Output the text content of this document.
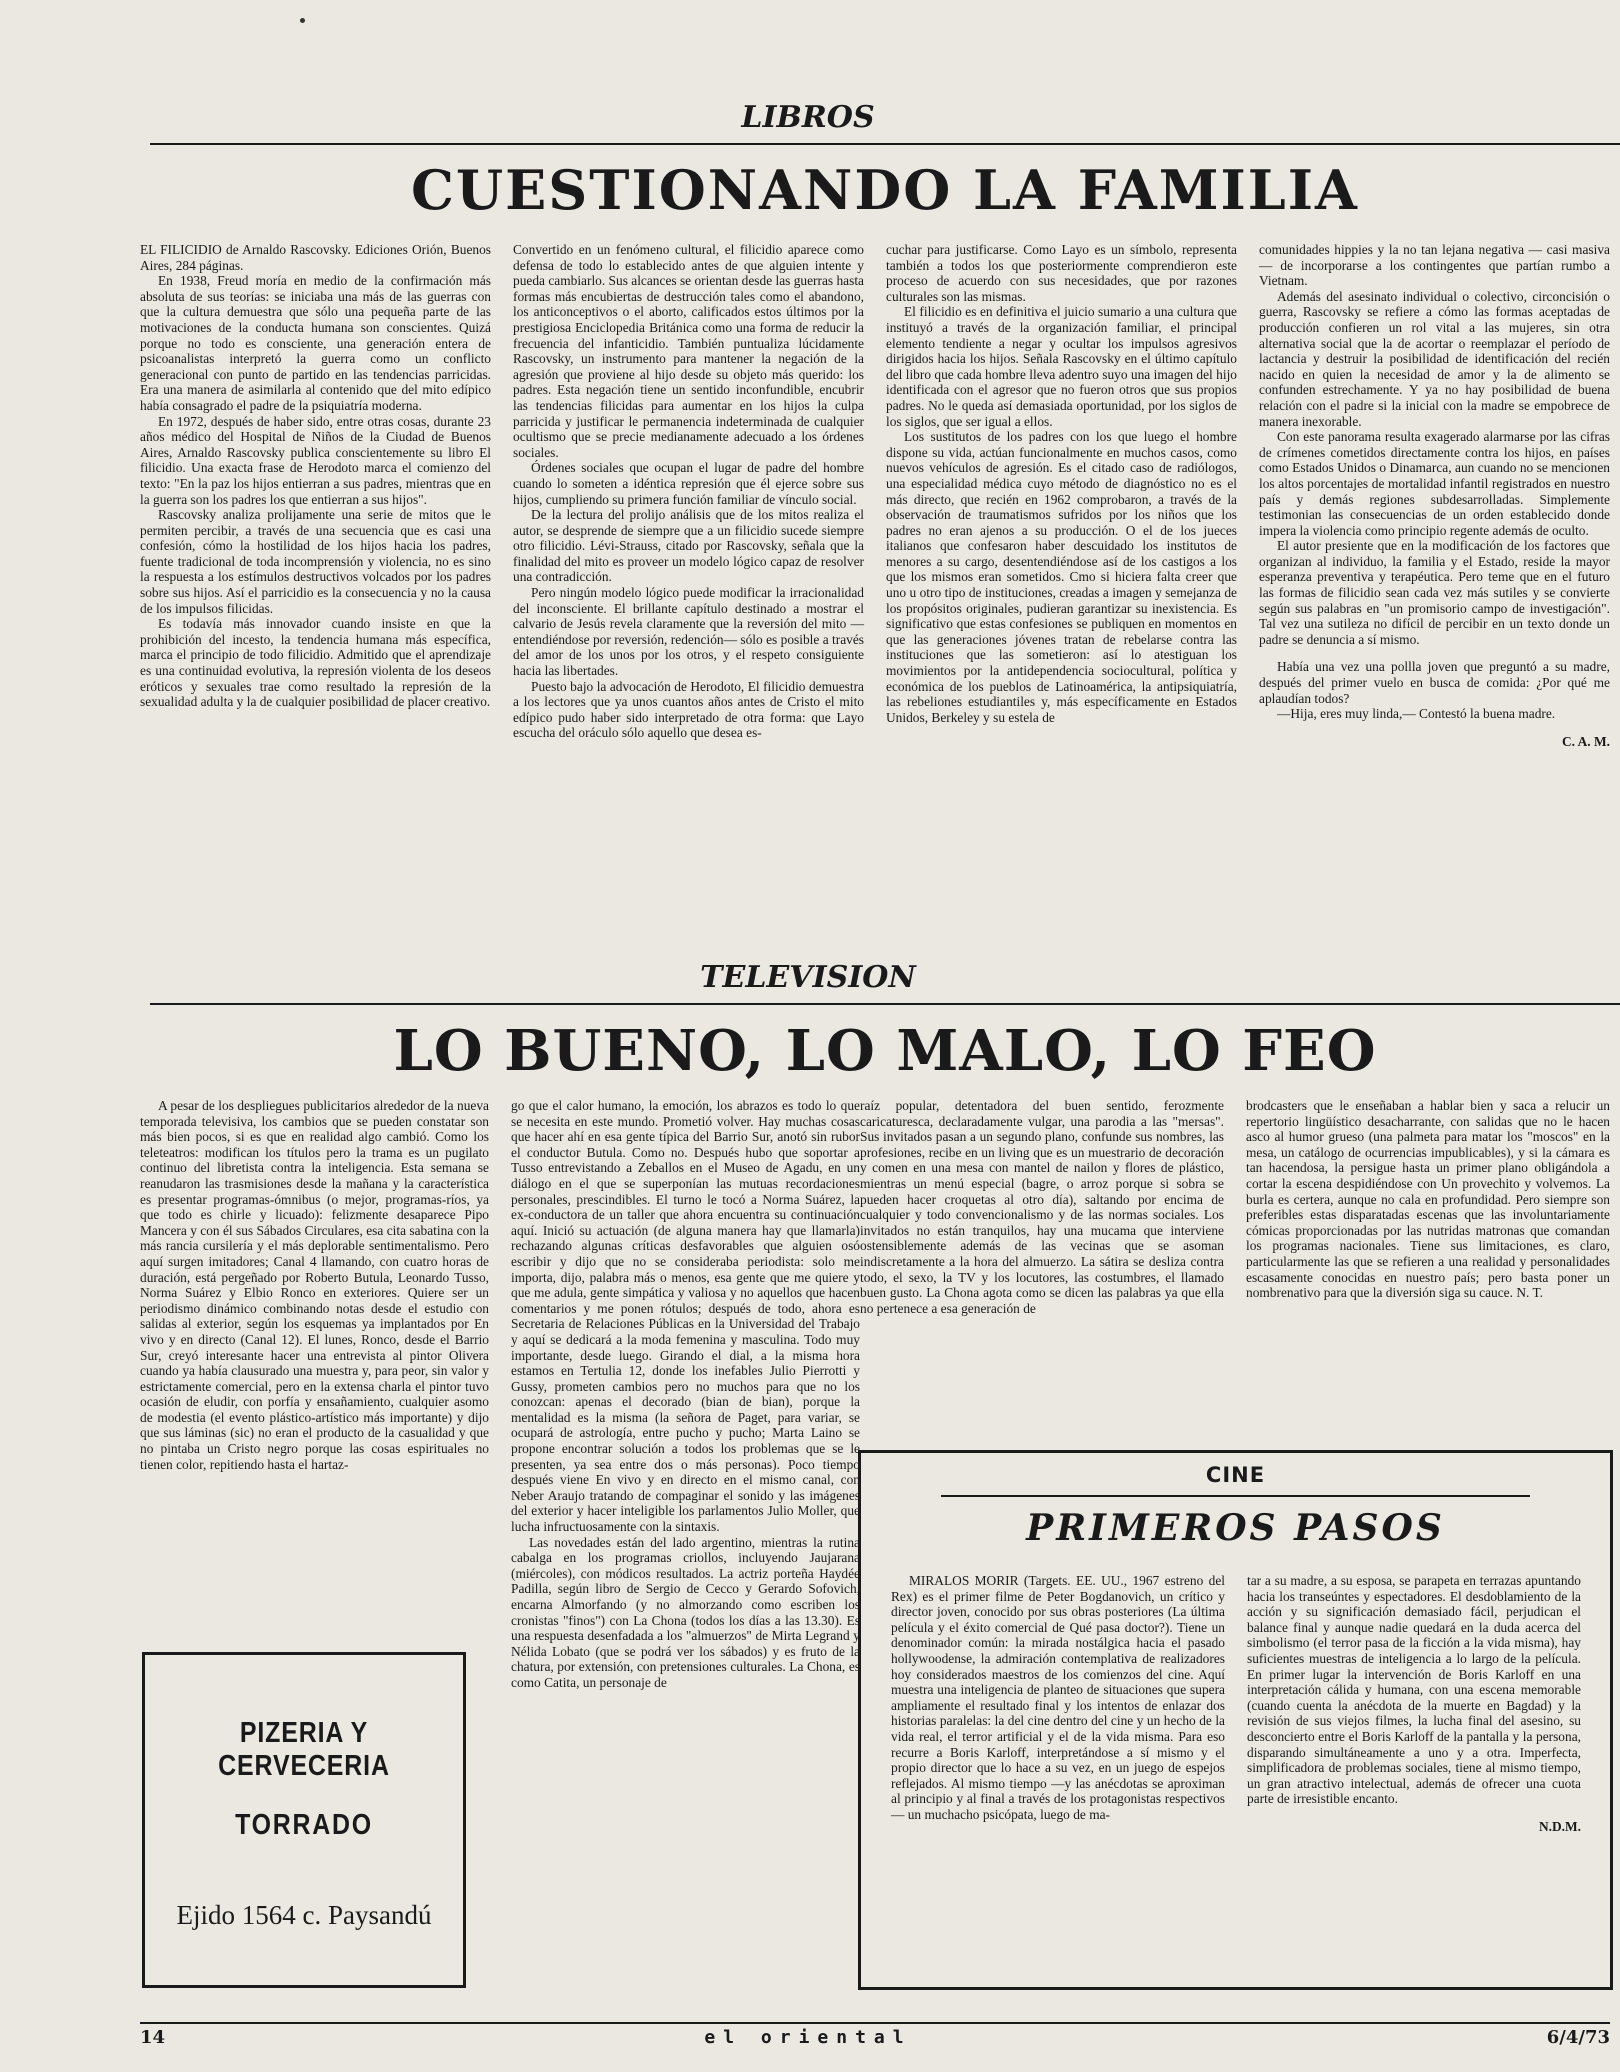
LIBROS
CUESTIONANDO LA FAMILIA

EL FILICIDIO de Arnaldo Rascovsky. Ediciones Orión, Buenos Aires, 284 páginas.

En 1938, Freud moría en medio de la confirmación más absoluta de sus teorías: se iniciaba una más de las guerras con que la cultura demuestra que sólo una pequeña parte de las motivaciones de la conducta humana son conscientes. Quizá porque no todo es consciente, una generación entera de psicoanalistas interpretó la guerra como un conflicto generacional con punto de partido en las tendencias parricidas. Era una manera de asimilarla al contenido que del mito edípico había consagrado el padre de la psiquiatría moderna.

En 1972, después de haber sido, entre otras cosas, durante 23 años médico del Hospital de Niños de la Ciudad de Buenos Aires, Arnaldo Rascovsky publica conscientemente su libro El filicidio. Una exacta frase de Herodoto marca el comienzo del texto: "En la paz los hijos entierran a sus padres, mientras que en la guerra son los padres los que entierran a sus hijos".

Rascovsky analiza prolijamente una serie de mitos que le permiten percibir, a través de una secuencia que es casi una confesión, cómo la hostilidad de los hijos hacia los padres, fuente tradicional de toda incomprensión y violencia, no es sino la respuesta a los estímulos destructivos volcados por los padres sobre sus hijos. Así el parricidio es la consecuencia y no la causa de los impulsos filicidas.

Es todavía más innovador cuando insiste en que la prohibición del incesto, la tendencia humana más específica, marca el principio de todo filicidio. Admitido que el aprendizaje es una continuidad evolutiva, la represión violenta de los deseos eróticos y sexuales trae como resultado la represión de la sexualidad adulta y la de cualquier posibilidad de placer creativo.

Convertido en un fenómeno cultural, el filicidio aparece como defensa de todo lo establecido antes de que alguien intente y pueda cambiarlo. Sus alcances se orientan desde las guerras hasta formas más encubiertas de destrucción tales como el abandono, los anticonceptivos o el aborto, calificados estos últimos por la prestigiosa Enciclopedia Británica como una forma de reducir la frecuencia del infanticidio. También puntualiza lúcidamente Rascovsky, un instrumento para mantener la negación de la agresión que proviene al hijo desde su objeto más querido: los padres. Esta negación tiene un sentido inconfundible, encubrir las tendencias filicidas para aumentar en los hijos la culpa parricida y justificar le permanencia indeterminada de cualquier ocultismo que se precie medianamente adecuado a los órdenes sociales.

Órdenes sociales que ocupan el lugar de padre del hombre cuando lo someten a idéntica represión que él ejerce sobre sus hijos, cumpliendo su primera función familiar de vínculo social.

De la lectura del prolijo análisis que de los mitos realiza el autor, se desprende de siempre que a un filicidio sucede siempre otro filicidio. Lévi-Strauss, citado por Rascovsky, señala que la finalidad del mito es proveer un modelo lógico capaz de resolver una contradicción.

Pero ningún modelo lógico puede modificar la irracionalidad del inconsciente. El brillante capítulo destinado a mostrar el calvario de Jesús revela claramente que la reversión del mito —entendiéndose por reversión, redención— sólo es posible a través del amor de los unos por los otros, y el respeto consiguiente hacia las libertades.

Puesto bajo la advocación de Herodoto, El filicidio demuestra a los lectores que ya unos cuantos años antes de Cristo el mito edípico pudo haber sido interpretado de otra forma: que Layo escucha del oráculo sólo aquello que desea es-

cuchar para justificarse. Como Layo es un símbolo, representa también a todos los que posteriormente comprendieron este proceso de acuerdo con sus necesidades, que por razones culturales son las mismas.

El filicidio es en definitiva el juicio sumario a una cultura que instituyó a través de la organización familiar, el principal elemento tendiente a negar y ocultar los impulsos agresivos dirigidos hacia los hijos. Señala Rascovsky en el último capítulo del libro que cada hombre lleva adentro suyo una imagen del hijo identificada con el agresor que no fueron otros que sus propios padres. No le queda así demasiada oportunidad, por los siglos de los siglos, que ser igual a ellos.

Los sustitutos de los padres con los que luego el hombre dispone su vida, actúan funcionalmente en muchos casos, como nuevos vehículos de agresión. Es el citado caso de radiólogos, una especialidad médica cuyo método de diagnóstico no es el más directo, que recién en 1962 comprobaron, a través de la observación de traumatismos sufridos por los niños que los padres no eran ajenos a su producción. O el de los jueces italianos que confesaron haber descuidado los institutos de menores a su cargo, desentendiéndose así de los castigos a los que los mismos eran sometidos. Cmo si hiciera falta creer que uno u otro tipo de instituciones, creadas a imagen y semejanza de los propósitos originales, pudieran garantizar su inexistencia. Es significativo que estas confesiones se publiquen en momentos en que las generaciones jóvenes tratan de rebelarse contra las instituciones que las sometieron: así lo atestiguan los movimientos por la antidependencia sociocultural, política y económica de los pueblos de Latinoamérica, la antipsiquiatría, las rebeliones estudiantiles y, más específicamente en Estados Unidos, Berkeley y su estela de

comunidades hippies y la no tan lejana negativa — casi masiva— de incorporarse a los contingentes que partían rumbo a Vietnam.

Además del asesinato individual o colectivo, circoncisión o guerra, Rascovsky se refiere a cómo las formas aceptadas de producción confieren un rol vital a las mujeres, sin otra alternativa social que la de acortar o reemplazar el período de lactancia y destruir la posibilidad de identificación del recién nacido en quien la necesidad de amor y la de alimento se confunden estrechamente. Y ya no hay posibilidad de buena relación con el padre si la inicial con la madre se empobrece de manera inexorable.

Con este panorama resulta exagerado alarmarse por las cifras de crímenes cometidos directamente contra los hijos, en países como Estados Unidos o Dinamarca, aun cuando no se mencionen los altos porcentajes de mortalidad infantil registrados en nuestro país y demás regiones subdesarrolladas. Simplemente testimonian las consecuencias de un orden establecido donde impera la violencia como principio regente además de oculto.

El autor presiente que en la modificación de los factores que organizan al individuo, la familia y el Estado, reside la mayor esperanza preventiva y terapéutica. Pero teme que en el futuro las formas de filicidio sean cada vez más sutiles y se convierte según sus palabras en "un promisorio campo de investigación". Tal vez una sutileza no difícil de percibir en un texto donde un padre se denuncia a sí mismo.

Había una vez una pollla joven que preguntó a su madre, después del primer vuelo en busca de comida: ¿Por qué me aplaudían todos?

—Hija, eres muy linda,— Contestó la buena madre.

C. A. M.

TELEVISION
LO BUENO, LO MALO, LO FEO

A pesar de los despliegues publicitarios alrededor de la nueva temporada televisiva, los cambios que se pueden constatar son más bien pocos, si es que en realidad algo cambió. Como los teleteatros: modifican los títulos pero la trama es un pugilato continuo del libretista contra la inteligencia. Esta semana se reanudaron las trasmisiones desde la mañana y la característica es presentar programas-ómnibus (o mejor, programas-ríos, ya que todo es chirle y licuado): felizmente desaparece Pipo Mancera y con él sus Sábados Circulares, esa cita sabatina con la más rancia cursilería y el más deplorable sentimentalismo. Pero aquí surgen imitadores; Canal 4 llamando, con cuatro horas de duración, está pergeñado por Roberto Butula, Leonardo Tusso, Norma Suárez y Elbio Ronco en exteriores. Quiere ser un periodismo dinámico combinando notas desde el estudio con salidas al exterior, según los esquemas ya implantados por En vivo y en directo (Canal 12). El lunes, Ronco, desde el Barrio Sur, creyó interesante hacer una entrevista al pintor Olivera cuando ya había clausurado una muestra y, para peor, sin valor y estrictamente comercial, pero en la extensa charla el pintor tuvo ocasión de eludir, con porfía y ensañamiento, cualquier asomo de modestia (el evento plástico-artístico más importante) y dijo que sus láminas (sic) no eran el producto de la casualidad y que no pintaba un Cristo negro porque las cosas espirituales no tienen color, repitiendo hasta el hartaz-

go que el calor humano, la emoción, los abrazos es todo lo que se necesita en este mundo. Prometió volver. Hay muchas cosas que hacer ahí en esa gente típica del Barrio Sur, anotó sin rubor el conductor Butula. Como no. Después hubo que soportar a Tusso entrevistando a Zeballos en el Museo de Agadu, en un diálogo en el que se superponían las mutuas recordaciones personales, prescindibles. El turno le tocó a Norma Suárez, la ex-conductora de un taller que ahora encuentra su continuación aquí. Inició su actuación (de alguna manera hay que llamarla) rechazando algunas críticas desfavorables que alguien osó escribir y dijo que no se consideraba periodista: solo me importa, dijo, palabra más o menos, esa gente que me quiere y que me adula, gente simpática y valiosa y no aquellos que hacen comentarios y me ponen rótulos; después de todo, ahora es Secretaria de Relaciones Públicas en la Universidad del Trabajo y aquí se dedicará a la moda femenina y masculina. Todo muy importante, desde luego. Girando el dial, a la misma hora estamos en Tertulia 12, donde los inefables Julio Pierrotti y Gussy, prometen cambios pero no muchos para que no los conozcan: apenas el decorado (bian de bian), porque la mentalidad es la misma (la señora de Paget, para variar, se ocupará de astrología, entre pucho y pucho; Marta Laino se propone encontrar solución a todos los problemas que se le presenten, ya sea entre dos o más personas). Poco tiempo después viene En vivo y en directo en el mismo canal, con Neber Araujo tratando de compaginar el sonido y las imágenes del exterior y hacer inteligible los parlamentos Julio Moller, que lucha infructuosamente con la sintaxis.

Las novedades están del lado argentino, mientras la rutina cabalga en los programas criollos, incluyendo Jaujarana (miércoles), con módicos resultados. La actriz porteña Haydée Padilla, según libro de Sergio de Cecco y Gerardo Sofovich, encarna Almorfando (y no almorzando como escriben los cronistas "finos") con La Chona (todos los días a las 13.30). Es una respuesta desenfadada a los "almuerzos" de Mirta Legrand y Nélida Lobato (que se podrá ver los sábados) y es fruto de la chatura, por extensión, con pretensiones culturales. La Chona, es como Catita, un personaje de

raíz popular, detentadora del buen sentido, ferozmente caricaturesca, declaradamente vulgar, una parodia a las "mersas". Sus invitados pasan a un segundo plano, confunde sus nombres, las profesiones, recibe en un living que es un muestrario de decoración y comen en una mesa con mantel de nailon y flores de plástico, mientras un menú especial (bagre, o arroz porque si sobra se pueden hacer croquetas al otro día), saltando por encima de cualquier y todo convencionalismo y de las normas sociales. Los invitados no están tranquilos, hay una mucama que interviene ostensiblemente además de las vecinas que se asoman indiscretamente a la hora del almuerzo. La sátira se desliza contra todo, el sexo, la TV y los locutores, las costumbres, el llamado buen gusto. La Chona agota como se dicen las palabras ya que ella no pertenece a esa generación de

brodcasters que le enseñaban a hablar bien y saca a relucir un repertorio lingüístico desacharrante, con salidas que no le hacen asco al humor grueso (una palmeta para matar los "moscos" en la mesa, un catálogo de ocurrencias impublicables), y si la cámara es tan hacendosa, la persigue hasta un primer plano obligándola a cortar la escena despidiéndose con Un provechito y volvemos. La burla es certera, aunque no cala en profundidad. Pero siempre son preferibles estas disparatadas escenas que las involuntariamente cómicas proporcionadas por las nutridas matronas que comandan los programas nacionales. Tiene sus limitaciones, es claro, particularmente las que se refieren a una realidad y personalidades escasamente conocidas en nuestro país; pero basta poner un nombrenativo para que la diversión siga su cauce. N. T.

PIZERIA Y CERVECERIA
TORRADO
Ejido 1564 c. Paysandú
CINE
PRIMEROS PASOS

MIRALOS MORIR (Targets. EE. UU., 1967 estreno del Rex) es el primer filme de Peter Bogdanovich, un crítico y director joven, conocido por sus obras posteriores (La última película y el éxito comercial de Qué pasa doctor?). Tiene un denominador común: la mirada nostálgica hacia el pasado hollywoodense, la admiración contemplativa de realizadores hoy considerados maestros de los comienzos del cine. Aquí muestra una inteligencia de planteo de situaciones que supera ampliamente el resultado final y los intentos de enlazar dos historias paralelas: la del cine dentro del cine y un hecho de la vida real, el terror artificial y el de la vida misma. Para eso recurre a Boris Karloff, interpretándose a sí mismo y el propio director que lo hace a su vez, en un juego de espejos reflejados. Al mismo tiempo —y las anécdotas se aproximan al principio y al final a través de los protagonistas respectivos— un muchacho psicópata, luego de ma-

tar a su madre, a su esposa, se parapeta en terrazas apuntando hacia los transeúntes y espectadores. El desdoblamiento de la acción y su significación demasiado fácil, perjudican el balance final y aunque nadie quedará en la duda acerca del simbolismo (el terror pasa de la ficción a la vida misma), hay suficientes muestras de inteligencia a lo largo de la película. En primer lugar la intervención de Boris Karloff en una interpretación cálida y humana, con una escena memorable (cuando cuenta la anécdota de la muerte en Bagdad) y la revisión de sus viejos filmes, la lucha final del asesino, su desconcierto entre el Boris Karloff de la pantalla y la persona, disparando simultáneamente a uno y a otra. Imperfecta, simplificadora de problemas sociales, tiene al mismo tiempo, un gran atractivo intelectual, además de ofrecer una cuota parte de irresistible encanto.

N.D.M.

14	el oriental	6/4/73
